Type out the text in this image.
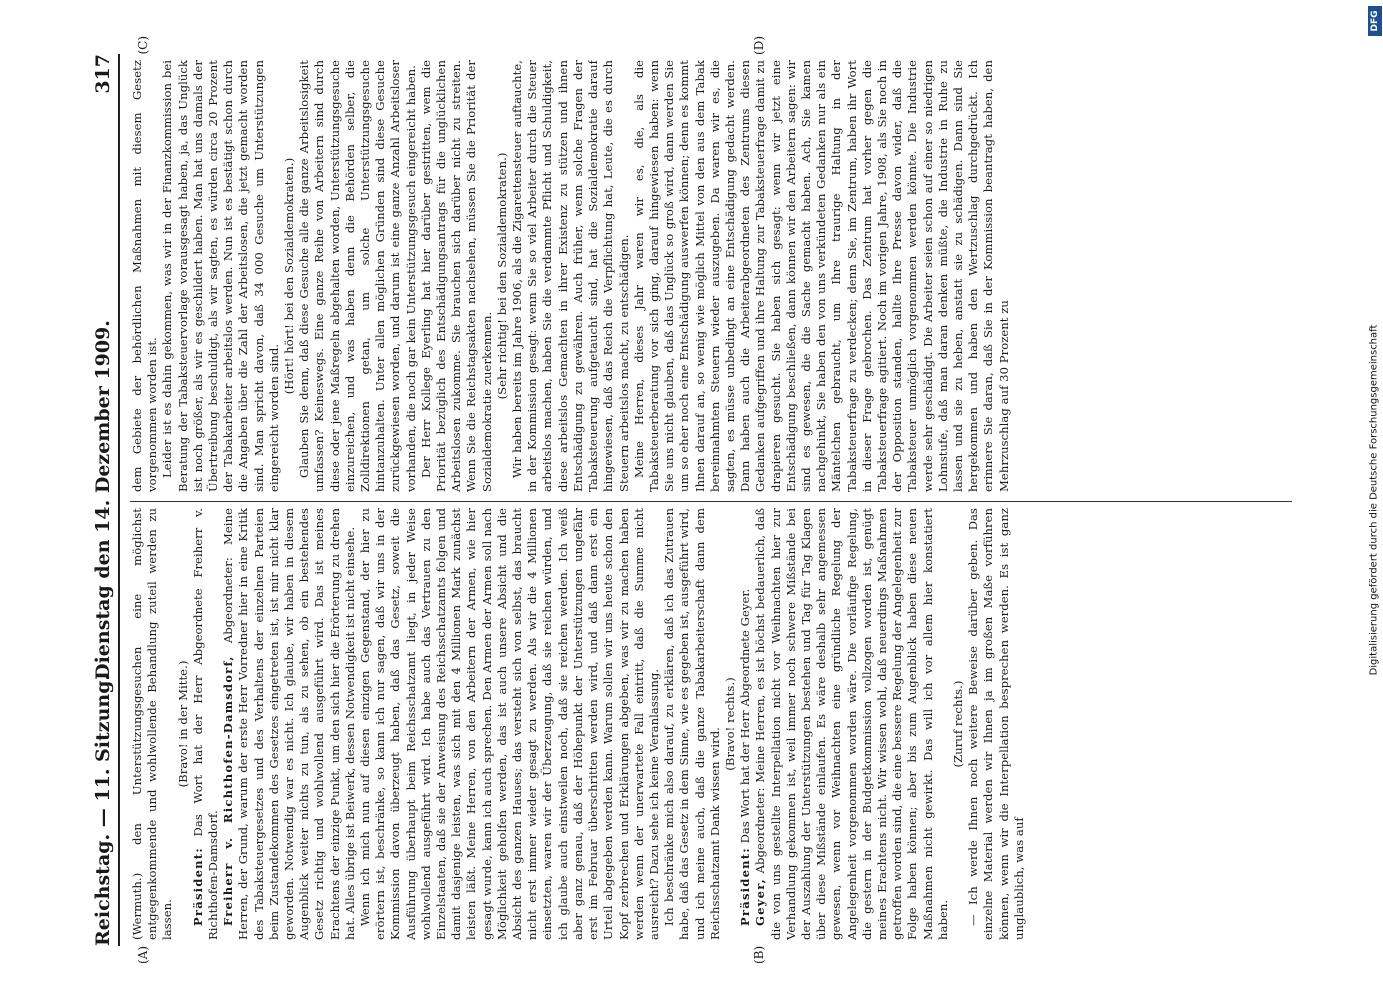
Reichstag. — 11. Sitzung.
Dienstag den 14. Dezember 1909.
317
(A)	(B)
(C)	(D)

(Wermuth.) den Unterstützungsgesuchen eine möglichst entgegenkommende und wohlwollende Behandlung zuteil werden zu lassen.

(Bravo! in der Mitte.)

Präsident: Das Wort hat der Herr Abgeordnete Freiherr v. Richthofen-Damsdorf. Freiherr v. Richthofen-Damsdorf, Abgeordneter: Meine Herren, der Grund, warum der erste Herr Vorredner hier in eine Kritik des Tabaksteuergesetzes und des Verhaltens der einzelnen Parteien beim Zustandekommen des Gesetzes eingetreten ist, ist mir nicht klar geworden. Notwendig war es nicht. Ich glaube, wir haben in diesem Augenblick weiter nichts zu tun, als zu sehen, ob ein bestehendes Gesetz richtig und wohlwollend ausgeführt wird. Das ist meines Erachtens der einzige Punkt, um den sich hier die Erörterung zu drehen hat. Alles übrige ist Beiwerk, dessen Notwendigkeit ist nicht einsehe. Wenn ich mich nun auf diesen einzigen Gegenstand, der hier zu erörtern ist, beschränke, so kann ich nur sagen, daß wir uns in der Kommission davon überzeugt haben, daß das Gesetz, soweit die Ausführung überhaupt beim Reichsschatzamt liegt, in jeder Weise wohlwollend ausgeführt wird. Ich habe auch das Vertrauen zu den Einzelstaaten, daß sie der Anweisung des Reichsschatzamts folgen und damit dasjenige leisten, was sich mit den 4 Millionen Mark zunächst leisten läßt. Meine Herren, von den Arbeitern der Armen, wie hier gesagt wurde, kann ich auch sprechen. Den Armen der Armen soll nach Möglichkeit geholfen werden, das ist auch unsere Absicht und die Absicht des ganzen Hauses; das versteht sich von selbst, das braucht nicht erst immer wieder gesagt zu werden. Als wir die 4 Millionen einsetzten, waren wir der Überzeugung, daß sie reichen würden, und ich glaube auch einstweilen noch, daß sie reichen werden. Ich weiß aber ganz genau, daß der Höhepunkt der Unterstützungen ungefähr erst im Februar überschritten werden wird, und daß dann erst ein Urteil abgegeben werden kann. Warum sollen wir uns heute schon den Kopf zerbrechen und Erklärungen abgeben, was wir zu machen haben werden wenn der unerwartete Fall eintritt, daß die Summe nicht ausreicht? Dazu sehe ich keine Veranlassung. Ich beschränke mich also darauf, zu erklären, daß ich das Zutrauen habe, daß das Gesetz in dem Sinne, wie es gegeben ist, ausgeführt wird, und ich meine auch, daß die ganze Tabakarbeiterschaft dann dem Reichsschatzamt Dank wissen wird.

(Bravo! rechts.)

Präsident: Das Wort hat der Herr Abgeordnete Geyer.

Geyer, Abgeordneter: Meine Herren, es ist höchst bedauerlich, daß die von uns gestellte Interpellation nicht vor Weihnachten hier zur Verhandlung gekommen ist, weil immer noch schwere Mißstände bei der Auszahlung der Unterstützungen bestehen und Tag für Tag Klagen über diese Mißstände einlaufen. Es wäre deshalb sehr angemessen gewesen, wenn vor Weihnachten eine gründliche Regelung der Angelegenheit vorgenommen worden wäre. Die vorläufige Regelung, die gestern in der Budgetkommission vollzogen worden ist, genügt meines Erachtens nicht. Wir wissen wohl, daß neuerdings Maßnahmen getroffen worden sind, die eine bessere Regelung der Angelegenheit zur Folge haben können; aber bis zum Augenblick haben diese neuen Maßnahmen nicht gewirkt. Das will ich vor allem hier konstatiert haben.

(Zuruf rechts.) — Ich werde Ihnen noch weitere Beweise darüber geben. Das einzelne Material werden wir Ihnen ja im großen Maße vorführen können, wenn wir die Interpellation besprechen werden. Es ist ganz unglaublich, was auf

dem Gebiete der behördlichen Maßnahmen mit diesem Gesetz vorgenommen worden ist. Leider ist es dahin gekommen, was wir in der Finanzkommission bei Beratung der Tabaksteuervorlage vorausgesagt haben, ja, das Unglück ist noch größer, als wir es geschildert haben. Man hat uns damals der Übertreibung beschuldigt, als wir sagten, es würden circa 20 Prozent der Tabakarbeiter arbeitslos werden. Nun ist es bestätigt schon durch die Angaben über die Zahl der Arbeitslosen, die jetzt gemacht worden sind. Man spricht davon, daß 34 000 Gesuche um Unterstützungen eingereicht worden sind.

(Hört! hört! bei den Sozialdemokraten.) Glauben Sie denn, daß diese Gesuche alle die ganze Arbeitslosigkeit umfassen? Keineswegs. Eine ganze Reihe von Arbeitern sind durch diese oder jene Maßregeln abgehalten worden, Unterstützungsgesuche einzureichen, und was haben denn die Behörden selber, die Zolldirektionen getan, um solche Unterstützungsgesuche hintanzuhalten. Unter allen möglichen Gründen sind diese Gesuche zurückgewiesen worden, und darum ist eine ganze Anzahl Arbeitsloser vorhanden, die noch gar kein Unterstützungsgesuch eingereicht haben. Der Herr Kollege Eyerling hat hier darüber gestritten, wem die Priorität bezüglich des Entschädigungsantrags für die unglücklichen Arbeitslosen zukomme. Sie brauchen sich darüber nicht zu streiten. Wenn Sie die Reichstagsakten nachsehen, müssen Sie die Priorität der Sozialdemokratie zuerkennen.

(Sehr richtig! bei den Sozialdemokraten.) Wir haben bereits im Jahre 1906, als die Zigarettensteuer auftauchte, in der Kommission gesagt: wenn Sie so viel Arbeiter durch die Steuer arbeitslos machen, haben Sie die verdammte Pflicht und Schuldigkeit, diese arbeitslos Gemachten in ihrer Existenz zu stützen und ihnen Entschädigung zu gewähren. Auch früher, wenn solche Fragen der Tabaksteuerung aufgetaucht sind, hat die Sozialdemokratie darauf hingewiesen, daß das Reich die Verpflichtung hat, Leute, die es durch Steuern arbeitslos macht, zu entschädigen. Meine Herren, dieses Jahr waren wir es, die, als die Tabaksteuerberatung vor sich ging, darauf hingewiesen haben: wenn Sie uns nicht glauben, daß das Unglück so groß wird, dann werden Sie um so eher noch eine Entschädigung auswerfen können; denn es kommt Ihnen darauf an, so wenig wie möglich Mittel von den aus dem Tabak bereinnahmten Steuern wieder auszugeben. Da waren wir es, die sagten, es müsse unbedingt an eine Entschädigung gedacht werden. Dann haben auch die Arbeiterabgeordneten des Zentrums diesen Gedanken aufgegriffen und ihre Haltung zur Tabaksteuerfrage damit zu drapieren gesucht. Sie haben sich gesagt: wenn wir jetzt eine Entschädigung beschließen, dann können wir den Arbeitern sagen: wir sind es gewesen, die die Sache gemacht haben. Ach, Sie kamen nachgehinkt, Sie haben den von uns verkündeten Gedanken nur als ein Mäntelchen gebraucht, um Ihre traurige Haltung in der Tabaksteuerfrage zu verdecken; denn Sie, im Zentrum, haben ihr Wort in dieser Frage gebrochen. Das Zentrum hat vorher gegen die Tabaksteuerfrage agitiert. Noch im vorigen Jahre, 1908, als Sie noch in der Opposition standen, hallte Ihre Presse davon wider, daß die Tabaksteuer unmöglich vorgenommen werden könnte. Die Industrie werde sehr geschädigt. Die Arbeiter seien schon auf einer so niedrigen Lohnstufe, daß man daran denken müßte, die Industrie in Ruhe zu lassen und sie zu heben, anstatt sie zu schädigen. Dann sind Sie hergekommen und haben den Wertzuschlag durchgedrückt. Ich erinnere Sie daran, daß Sie in der Kommission beantragt haben, den Mehrzuschlag auf 30 Prozent zu

DFG
Digitalisierung gefördert durch die Deutsche Forschungsgemeinschaft
